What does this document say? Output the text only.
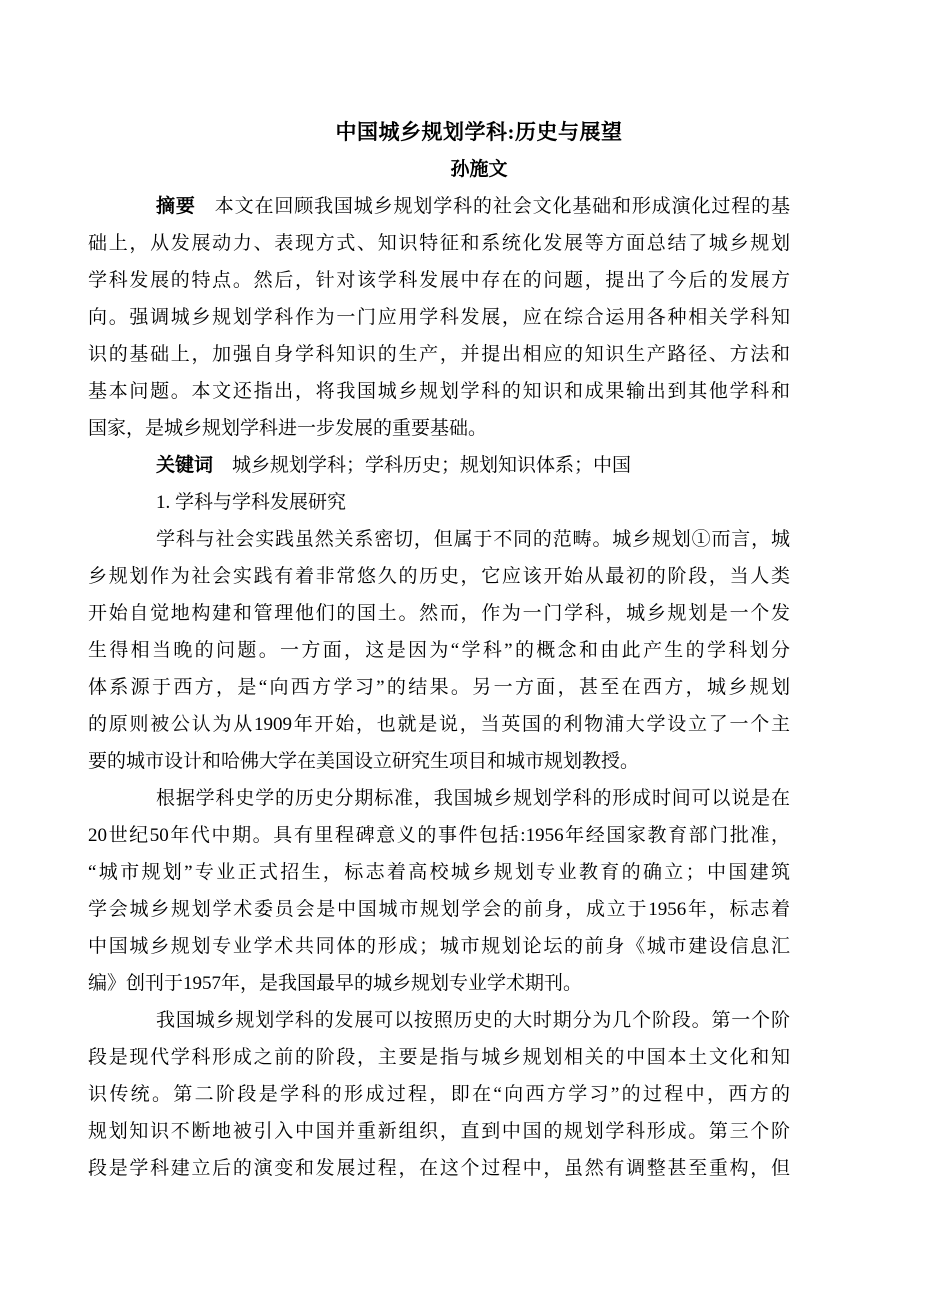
中国城乡规划学科:历史与展望
孙施文
摘要 本文在回顾我国城乡规划学科的社会文化基础和形成演化过程的基
础上，从发展动力、表现方式、知识特征和系统化发展等方面总结了城乡规划
学科发展的特点。然后，针对该学科发展中存在的问题，提出了今后的发展方
向。强调城乡规划学科作为一门应用学科发展，应在综合运用各种相关学科知
识的基础上，加强自身学科知识的生产，并提出相应的知识生产路径、方法和
基本问题。本文还指出，将我国城乡规划学科的知识和成果输出到其他学科和
国家，是城乡规划学科进一步发展的重要基础。
关键词 城乡规划学科；学科历史；规划知识体系；中国
1. 学科与学科发展研究
学科与社会实践虽然关系密切，但属于不同的范畴。城乡规划①而言，城
乡规划作为社会实践有着非常悠久的历史，它应该开始从最初的阶段，当人类
开始自觉地构建和管理他们的国土。然而，作为一门学科，城乡规划是一个发
生得相当晚的问题。一方面，这是因为“学科”的概念和由此产生的学科划分
体系源于西方，是“向西方学习”的结果。另一方面，甚至在西方，城乡规划
的原则被公认为从1909年开始，也就是说，当英国的利物浦大学设立了一个主
要的城市设计和哈佛大学在美国设立研究生项目和城市规划教授。
根据学科史学的历史分期标准，我国城乡规划学科的形成时间可以说是在
20世纪50年代中期。具有里程碑意义的事件包括:1956年经国家教育部门批准，
“城市规划”专业正式招生，标志着高校城乡规划专业教育的确立；中国建筑
学会城乡规划学术委员会是中国城市规划学会的前身，成立于1956年，标志着
中国城乡规划专业学术共同体的形成；城市规划论坛的前身《城市建设信息汇
编》创刊于1957年，是我国最早的城乡规划专业学术期刊。
我国城乡规划学科的发展可以按照历史的大时期分为几个阶段。第一个阶
段是现代学科形成之前的阶段，主要是指与城乡规划相关的中国本土文化和知
识传统。第二阶段是学科的形成过程，即在“向西方学习”的过程中，西方的
规划知识不断地被引入中国并重新组织，直到中国的规划学科形成。第三个阶
段是学科建立后的演变和发展过程，在这个过程中，虽然有调整甚至重构，但
